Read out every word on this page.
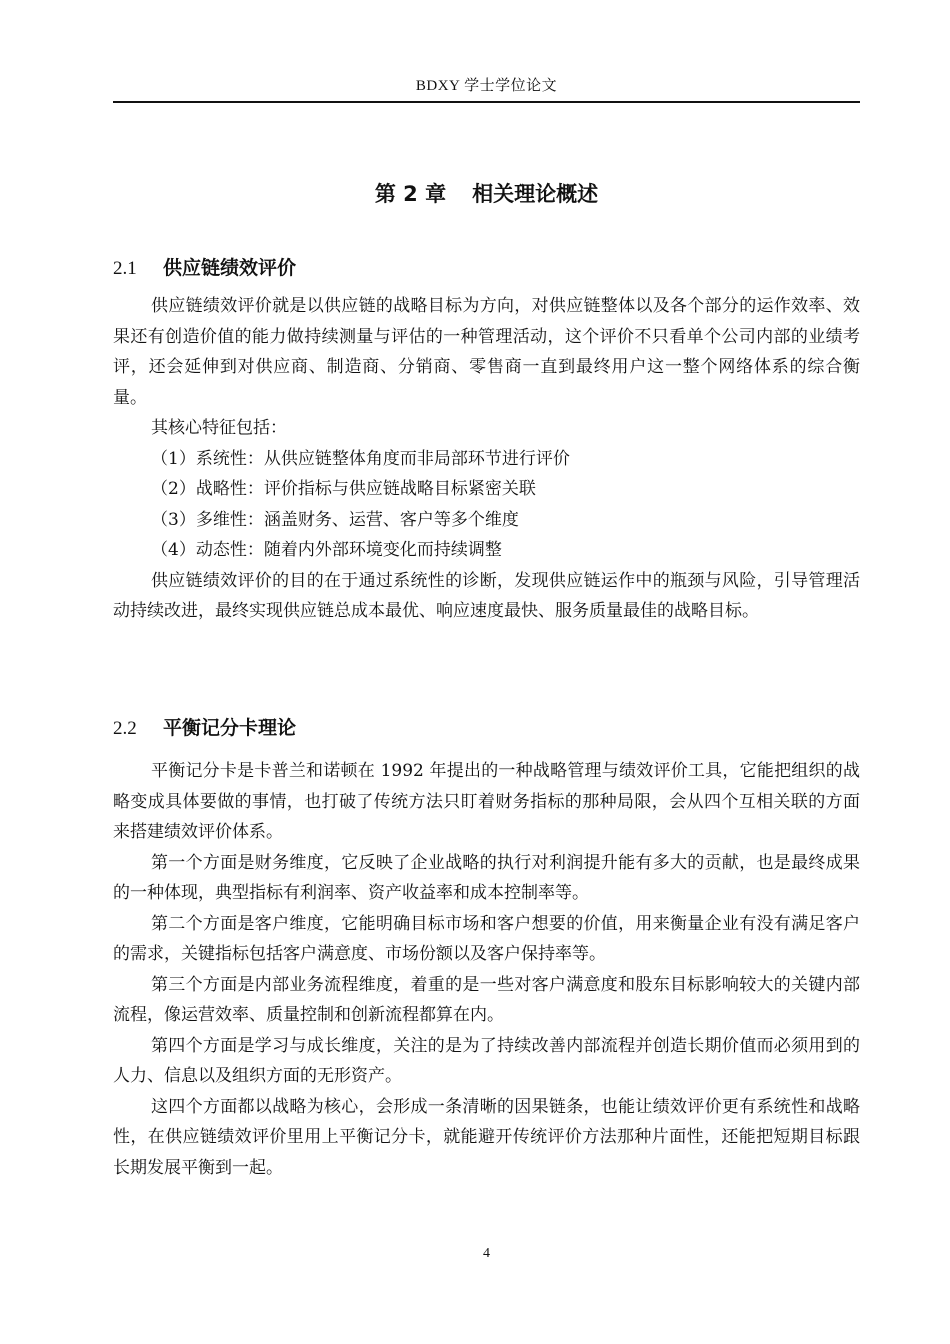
BDXY 学士学位论文
第 2 章 相关理论概述
2.1 供应链绩效评价

供应链绩效评价就是以供应链的战略目标为方向，对供应链整体以及各个部分的运作效率、效果还有创造价值的能力做持续测量与评估的一种管理活动，这个评价不只看单个公司内部的业绩考评，还会延伸到对供应商、制造商、分销商、零售商一直到最终用户这一整个网络体系的综合衡量。

其核心特征包括：

（1）系统性：从供应链整体角度而非局部环节进行评价

（2）战略性：评价指标与供应链战略目标紧密关联

（3）多维性：涵盖财务、运营、客户等多个维度

（4）动态性：随着内外部环境变化而持续调整

供应链绩效评价的目的在于通过系统性的诊断，发现供应链运作中的瓶颈与风险，引导管理活动持续改进，最终实现供应链总成本最优、响应速度最快、服务质量最佳的战略目标。

2.2 平衡记分卡理论

平衡记分卡是卡普兰和诺顿在 1992 年提出的一种战略管理与绩效评价工具，它能把组织的战略变成具体要做的事情，也打破了传统方法只盯着财务指标的那种局限，会从四个互相关联的方面来搭建绩效评价体系。

第一个方面是财务维度，它反映了企业战略的执行对利润提升能有多大的贡献，也是最终成果的一种体现，典型指标有利润率、资产收益率和成本控制率等。

第二个方面是客户维度，它能明确目标市场和客户想要的价值，用来衡量企业有没有满足客户的需求，关键指标包括客户满意度、市场份额以及客户保持率等。

第三个方面是内部业务流程维度，着重的是一些对客户满意度和股东目标影响较大的关键内部流程，像运营效率、质量控制和创新流程都算在内。

第四个方面是学习与成长维度，关注的是为了持续改善内部流程并创造长期价值而必须用到的人力、信息以及组织方面的无形资产。

这四个方面都以战略为核心，会形成一条清晰的因果链条，也能让绩效评价更有系统性和战略性，在供应链绩效评价里用上平衡记分卡，就能避开传统评价方法那种片面性，还能把短期目标跟长期发展平衡到一起。

4
